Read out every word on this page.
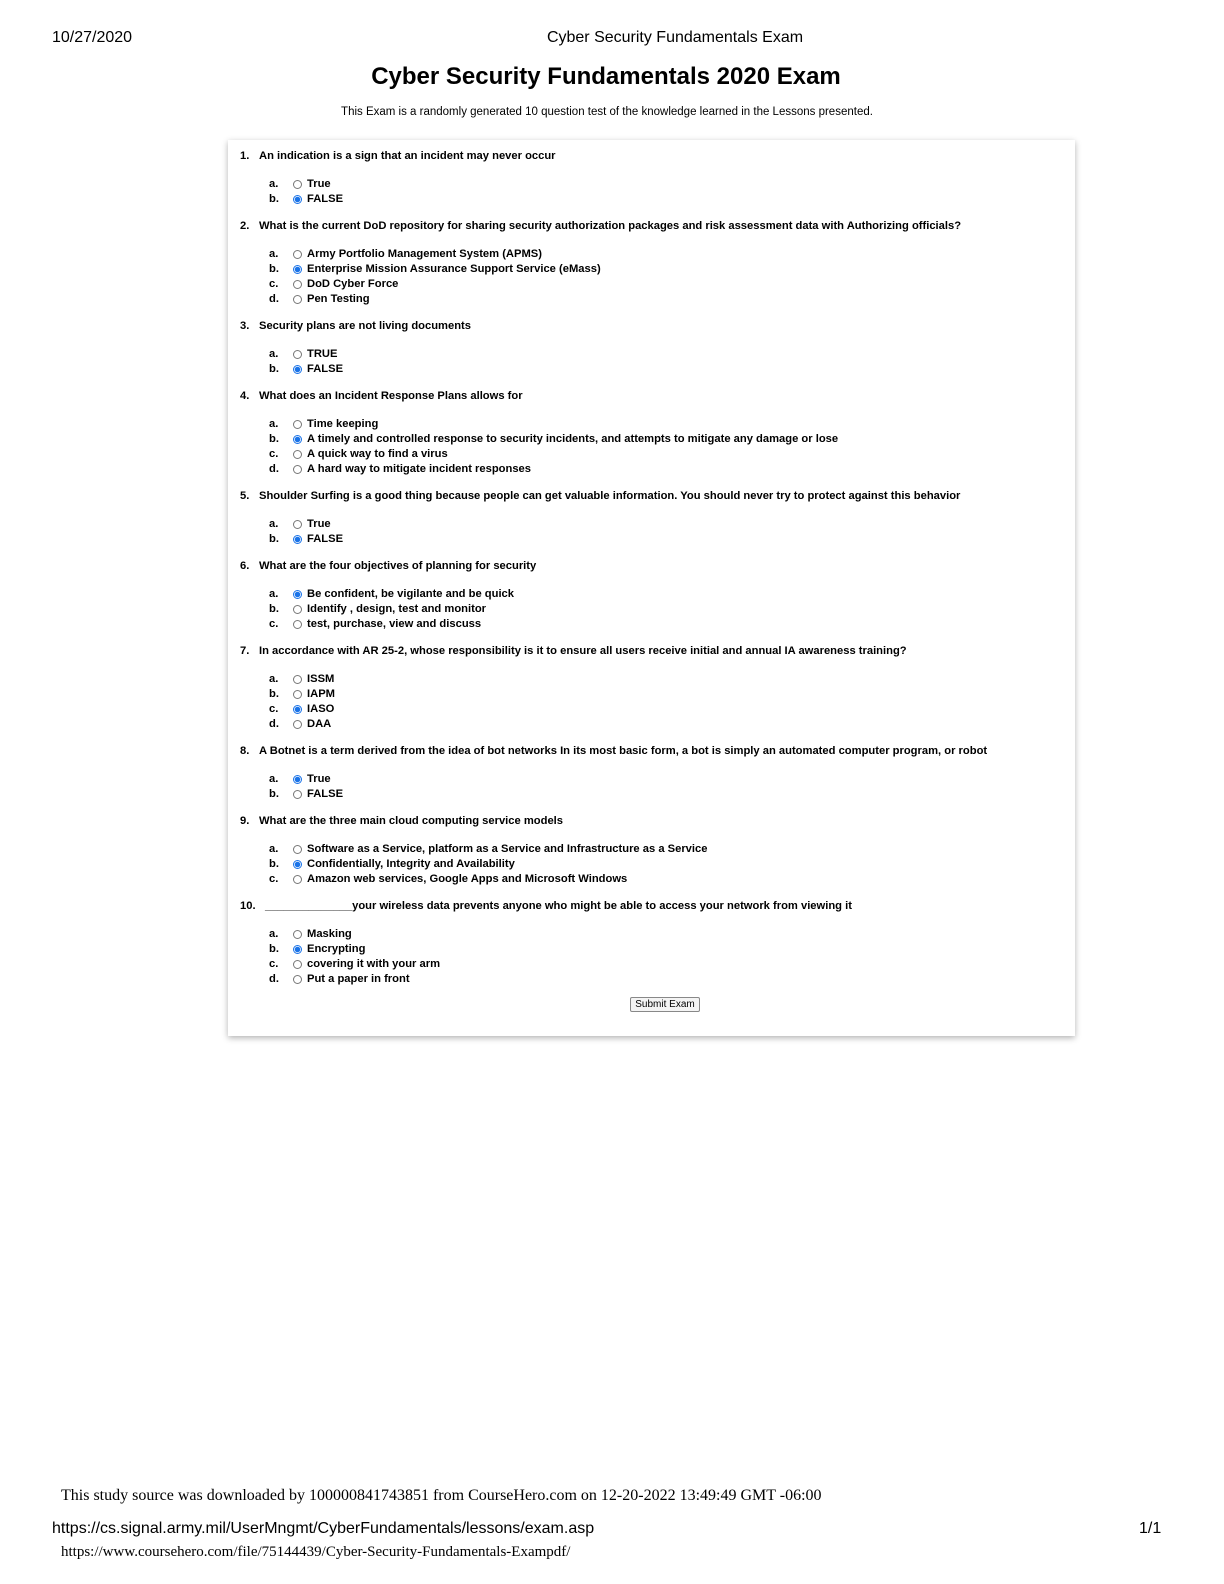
10/27/2020	Cyber Security Fundamentals Exam
Cyber Security Fundamentals 2020 Exam
This Exam is a randomly generated 10 question test of the knowledge learned in the Lessons presented.
1. An indication is a sign that an incident may never occur
a.	True
b.	FALSE
2. What is the current DoD repository for sharing security authorization packages and risk assessment data with Authorizing officials?
a.	Army Portfolio Management System (APMS)
b.	Enterprise Mission Assurance Support Service (eMass)
c.	DoD Cyber Force
d.	Pen Testing
3. Security plans are not living documents
a.	TRUE
b.	FALSE
4. What does an Incident Response Plans allows for
a.	Time keeping
b.	A timely and controlled response to security incidents, and attempts to mitigate any damage or lose
c.	A quick way to find a virus
d.	A hard way to mitigate incident responses
5. Shoulder Surfing is a good thing because people can get valuable information. You should never try to protect against this behavior
a.	True
b.	FALSE
6. What are the four objectives of planning for security
a.	Be confident, be vigilante and be quick
b.	Identify , design, test and monitor
c.	test, purchase, view and discuss
7. In accordance with AR 25-2, whose responsibility is it to ensure all users receive initial and annual IA awareness training?
a.	ISSM
b.	IAPM
c.	IASO
d.	DAA
8. A Botnet is a term derived from the idea of bot networks In its most basic form, a bot is simply an automated computer program, or robot
a.	True
b.	FALSE
9. What are the three main cloud computing service models
a.	Software as a Service, platform as a Service and Infrastructure as a Service
b.	Confidentially, Integrity and Availability
c.	Amazon web services, Google Apps and Microsoft Windows
10. ______________your wireless data prevents anyone who might be able to access your network from viewing it
a.	Masking
b.	Encrypting
c.	covering it with your arm
d.	Put a paper in front
Submit Exam
This study source was downloaded by 100000841743851 from CourseHero.com on 12-20-2022 13:49:49 GMT -06:00
https://cs.signal.army.mil/UserMngmt/CyberFundamentals/lessons/exam.asp	1/1
https://www.coursehero.com/file/75144439/Cyber-Security-Fundamentals-Exampdf/
